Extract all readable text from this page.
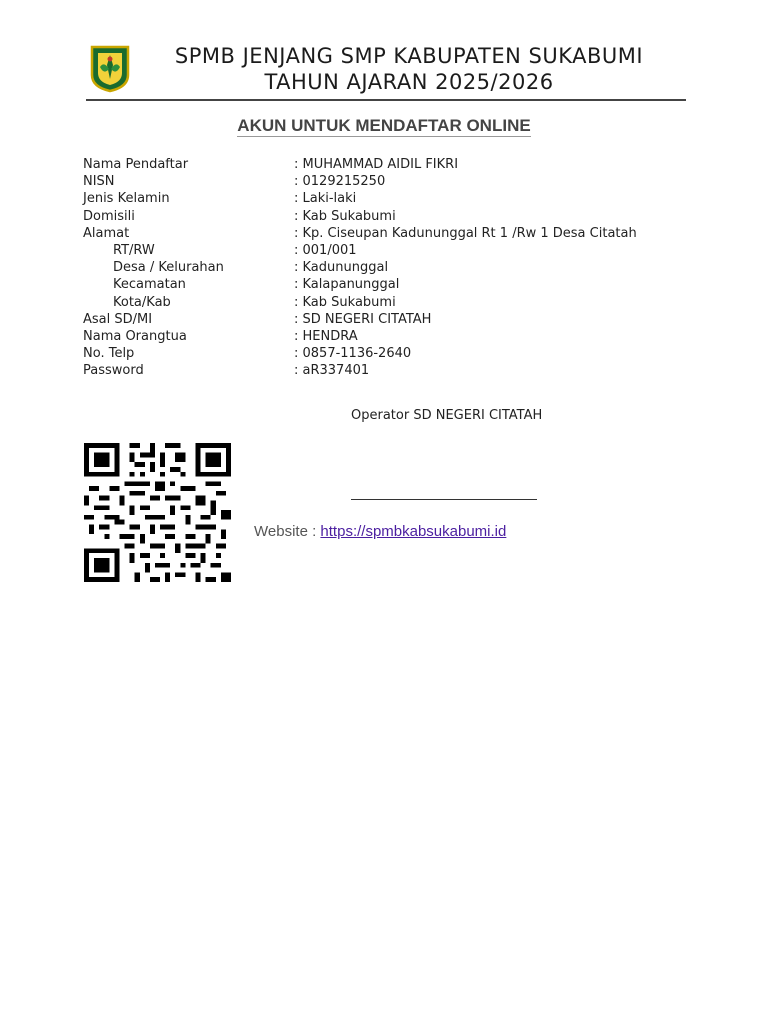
SPMB JENJANG SMP KABUPATEN SUKABUMI
TAHUN AJARAN 2025/2026
AKUN UNTUK MENDAFTAR ONLINE
Nama Pendaftar	: MUHAMMAD AIDIL FIKRI
NISN	: 0129215250
Jenis Kelamin	: Laki-laki
Domisili	: Kab Sukabumi
Alamat	: Kp. Ciseupan Kadununggal Rt 1 /Rw 1 Desa Citatah
RT/RW	: 001/001
Desa / Kelurahan	: Kadununggal
Kecamatan	: Kalapanunggal
Kota/Kab	: Kab Sukabumi
Asal SD/MI	: SD NEGERI CITATAH
Nama Orangtua	: HENDRA
No. Telp	: 0857-1136-2640
Password	: aR337401
Operator SD NEGERI CITATAH
Website : https://spmbkabsukabumi.id
